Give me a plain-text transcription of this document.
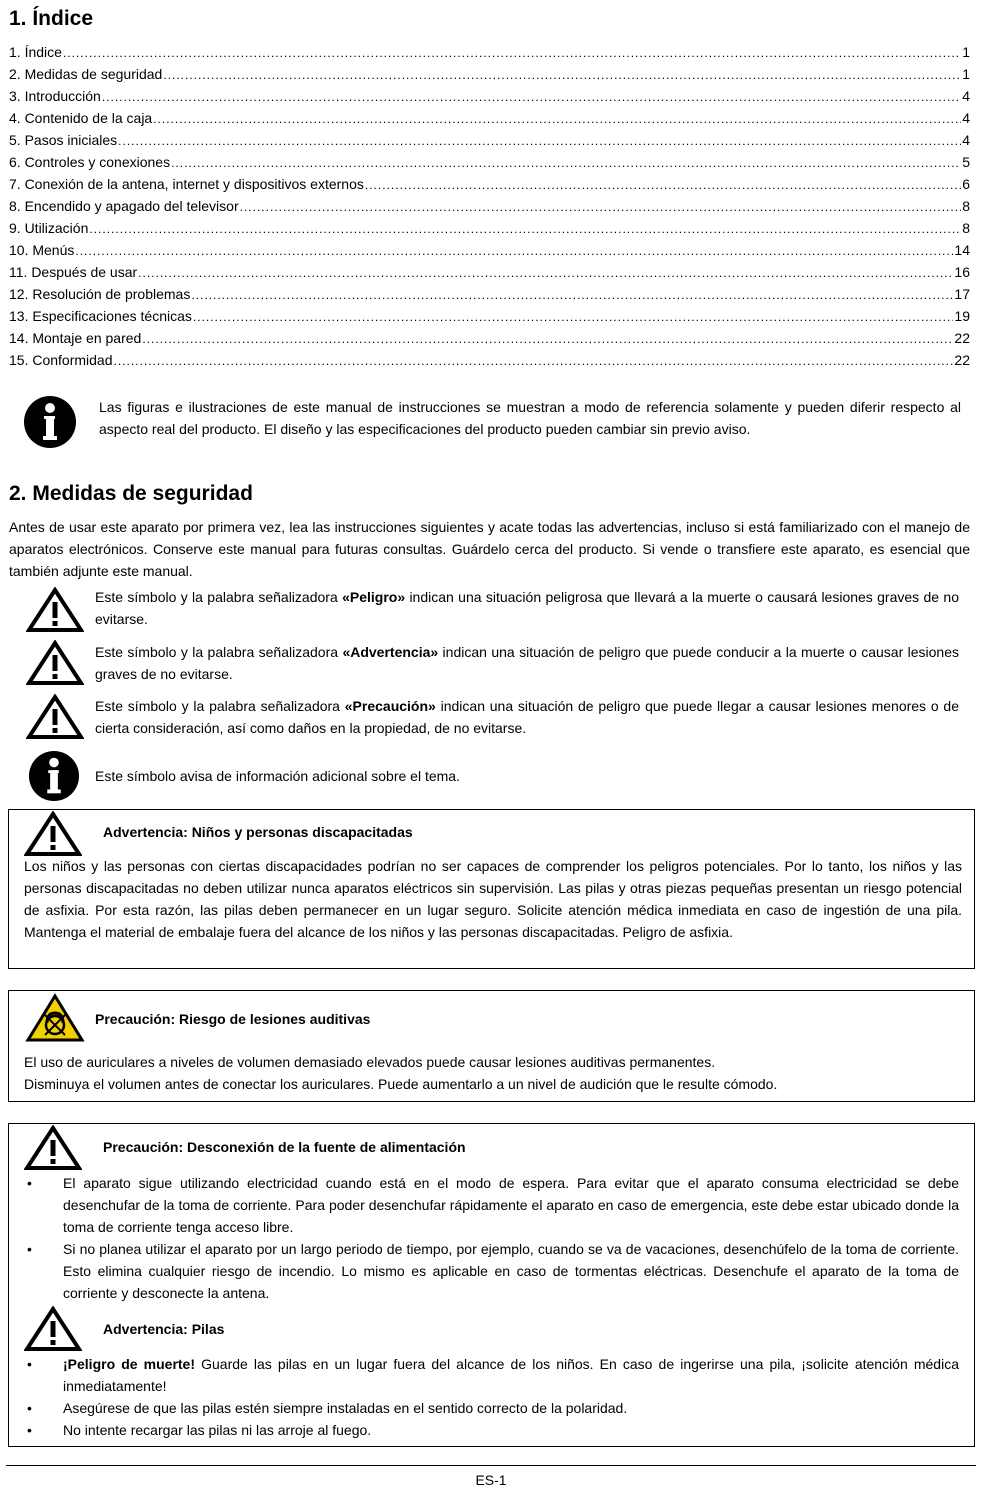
1. Índice
1. Índice .....	1
2. Medidas de seguridad .....	1
3. Introducción .....	4
4. Contenido de la caja .....	4
5. Pasos iniciales .....	4
6. Controles y conexiones .....	5
7. Conexión de la antena, internet y dispositivos externos .....	6
8. Encendido y apagado del televisor .....	8
9. Utilización .....	8
10. Menús .....	14
11. Después de usar .....	16
12. Resolución de problemas .....	17
13. Especificaciones técnicas .....	19
14. Montaje en pared .....	22
15. Conformidad .....	22

Las figuras e ilustraciones de este manual de instrucciones se muestran a modo de referencia solamente y pueden diferir respecto al aspecto real del producto. El diseño y las especificaciones del producto pueden cambiar sin previo aviso.

2. Medidas de seguridad

Antes de usar este aparato por primera vez, lea las instrucciones siguientes y acate todas las advertencias, incluso si está familiarizado con el manejo de aparatos electrónicos. Conserve este manual para futuras consultas. Guárdelo cerca del producto. Si vende o transfiere este aparato, es esencial que también adjunte este manual.

Este símbolo y la palabra señalizadora «Peligro» indican una situación peligrosa que llevará a la muerte o causará lesiones graves de no evitarse.

Este símbolo y la palabra señalizadora «Advertencia» indican una situación de peligro que puede conducir a la muerte o causar lesiones graves de no evitarse.

Este símbolo y la palabra señalizadora «Precaución» indican una situación de peligro que puede llegar a causar lesiones menores o de cierta consideración, así como daños en la propiedad, de no evitarse.

Este símbolo avisa de información adicional sobre el tema.

Advertencia: Niños y personas discapacitadas

Los niños y las personas con ciertas discapacidades podrían no ser capaces de comprender los peligros potenciales. Por lo tanto, los niños y las personas discapacitadas no deben utilizar nunca aparatos eléctricos sin supervisión. Las pilas y otras piezas pequeñas presentan un riesgo potencial de asfixia. Por esta razón, las pilas deben permanecer en un lugar seguro. Solicite atención médica inmediata en caso de ingestión de una pila. Mantenga el material de embalaje fuera del alcance de los niños y las personas discapacitadas. Peligro de asfixia.

Precaución: Riesgo de lesiones auditivas

El uso de auriculares a niveles de volumen demasiado elevados puede causar lesiones auditivas permanentes.

Disminuya el volumen antes de conectar los auriculares. Puede aumentarlo a un nivel de audición que le resulte cómodo.

Precaución: Desconexión de la fuente de alimentación

• El aparato sigue utilizando electricidad cuando está en el modo de espera. Para evitar que el aparato consuma electricidad se debe desenchufar de la toma de corriente. Para poder desenchufar rápidamente el aparato en caso de emergencia, este debe estar ubicado donde la toma de corriente tenga acceso libre.
• Si no planea utilizar el aparato por un largo periodo de tiempo, por ejemplo, cuando se va de vacaciones, desenchúfelo de la toma de corriente. Esto elimina cualquier riesgo de incendio. Lo mismo es aplicable en caso de tormentas eléctricas. Desenchufe el aparato de la toma de corriente y desconecte la antena.

Advertencia: Pilas

• ¡Peligro de muerte! Guarde las pilas en un lugar fuera del alcance de los niños. En caso de ingerirse una pila, ¡solicite atención médica inmediatamente!
• Asegúrese de que las pilas estén siempre instaladas en el sentido correcto de la polaridad.
• No intente recargar las pilas ni las arroje al fuego.
ES-1
